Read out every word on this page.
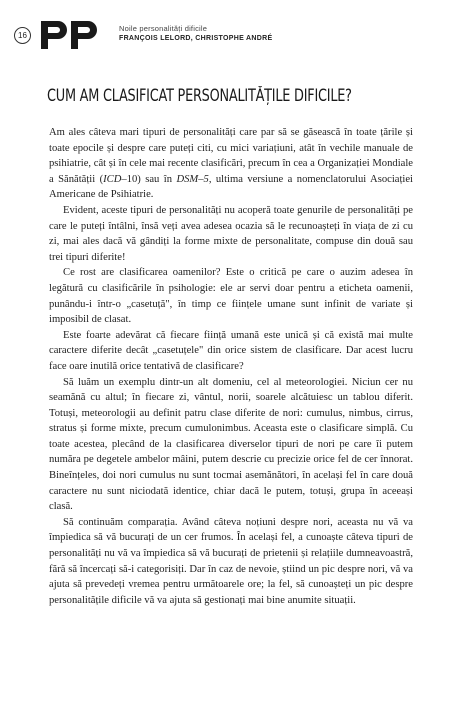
16
Noile personalități dificile
FRANÇOIS LELORD, CHRISTOPHE ANDRÉ
CUM AM CLASIFICAT PERSONALITĂȚILE DIFICILE?

Am ales câteva mari tipuri de personalități care par să se găsească în toate țările și toate epocile și despre care puteți citi, cu mici variațiuni, atât în vechile manuale de psihiatrie, cât și în cele mai recente clasificări, precum în cea a Organizației Mondiale a Sănătății (ICD–10) sau în DSM–5, ultima versiune a nomenclatorului Asociației Americane de Psihiatrie.

Evident, aceste tipuri de personalități nu acoperă toate genurile de personalități pe care le puteți întâlni, însă veți avea adesea ocazia să le recunoașteți în viața de zi cu zi, mai ales dacă vă gândiți la forme mixte de personalitate, compuse din două sau trei tipuri diferite!

Ce rost are clasificarea oamenilor? Este o critică pe care o auzim adesea în legătură cu clasificările în psihologie: ele ar servi doar pentru a eticheta oamenii, punându-i într-o „casetuță", în timp ce ființele umane sunt infinit de variate și imposibil de clasat.

Este foarte adevărat că fiecare ființă umană este unică și că există mai multe caractere diferite decât „casetuțele" din orice sistem de clasificare. Dar acest lucru face oare inutilă orice tentativă de clasificare?

Să luăm un exemplu dintr-un alt domeniu, cel al meteorologiei. Niciun cer nu seamănă cu altul; în fiecare zi, vântul, norii, soarele alcătuiesc un tablou diferit. Totuși, meteorologii au definit patru clase diferite de nori: cumulus, nimbus, cirrus, stratus și forme mixte, precum cumulonimbus. Aceasta este o clasificare simplă. Cu toate acestea, plecând de la clasificarea diverselor tipuri de nori pe care îi putem număra pe degetele ambelor mâini, putem descrie cu precizie orice fel de cer înnorat. Bineînțeles, doi nori cumulus nu sunt tocmai asemănători, în același fel în care două caractere nu sunt niciodată identice, chiar dacă le putem, totuși, grupa în aceeași clasă.

Să continuăm comparația. Având câteva noțiuni despre nori, aceasta nu vă va împiedica să vă bucurați de un cer frumos. În același fel, a cunoaște câteva tipuri de personalități nu vă va împiedica să vă bucurați de prietenii și relațiile dumneavoastră, fără să încercați să-i categorisiți. Dar în caz de nevoie, știind un pic despre nori, vă va ajuta să prevedeți vremea pentru următoarele ore; la fel, să cunoașteți un pic despre personalitățile dificile vă va ajuta să gestionați mai bine anumite situații.
